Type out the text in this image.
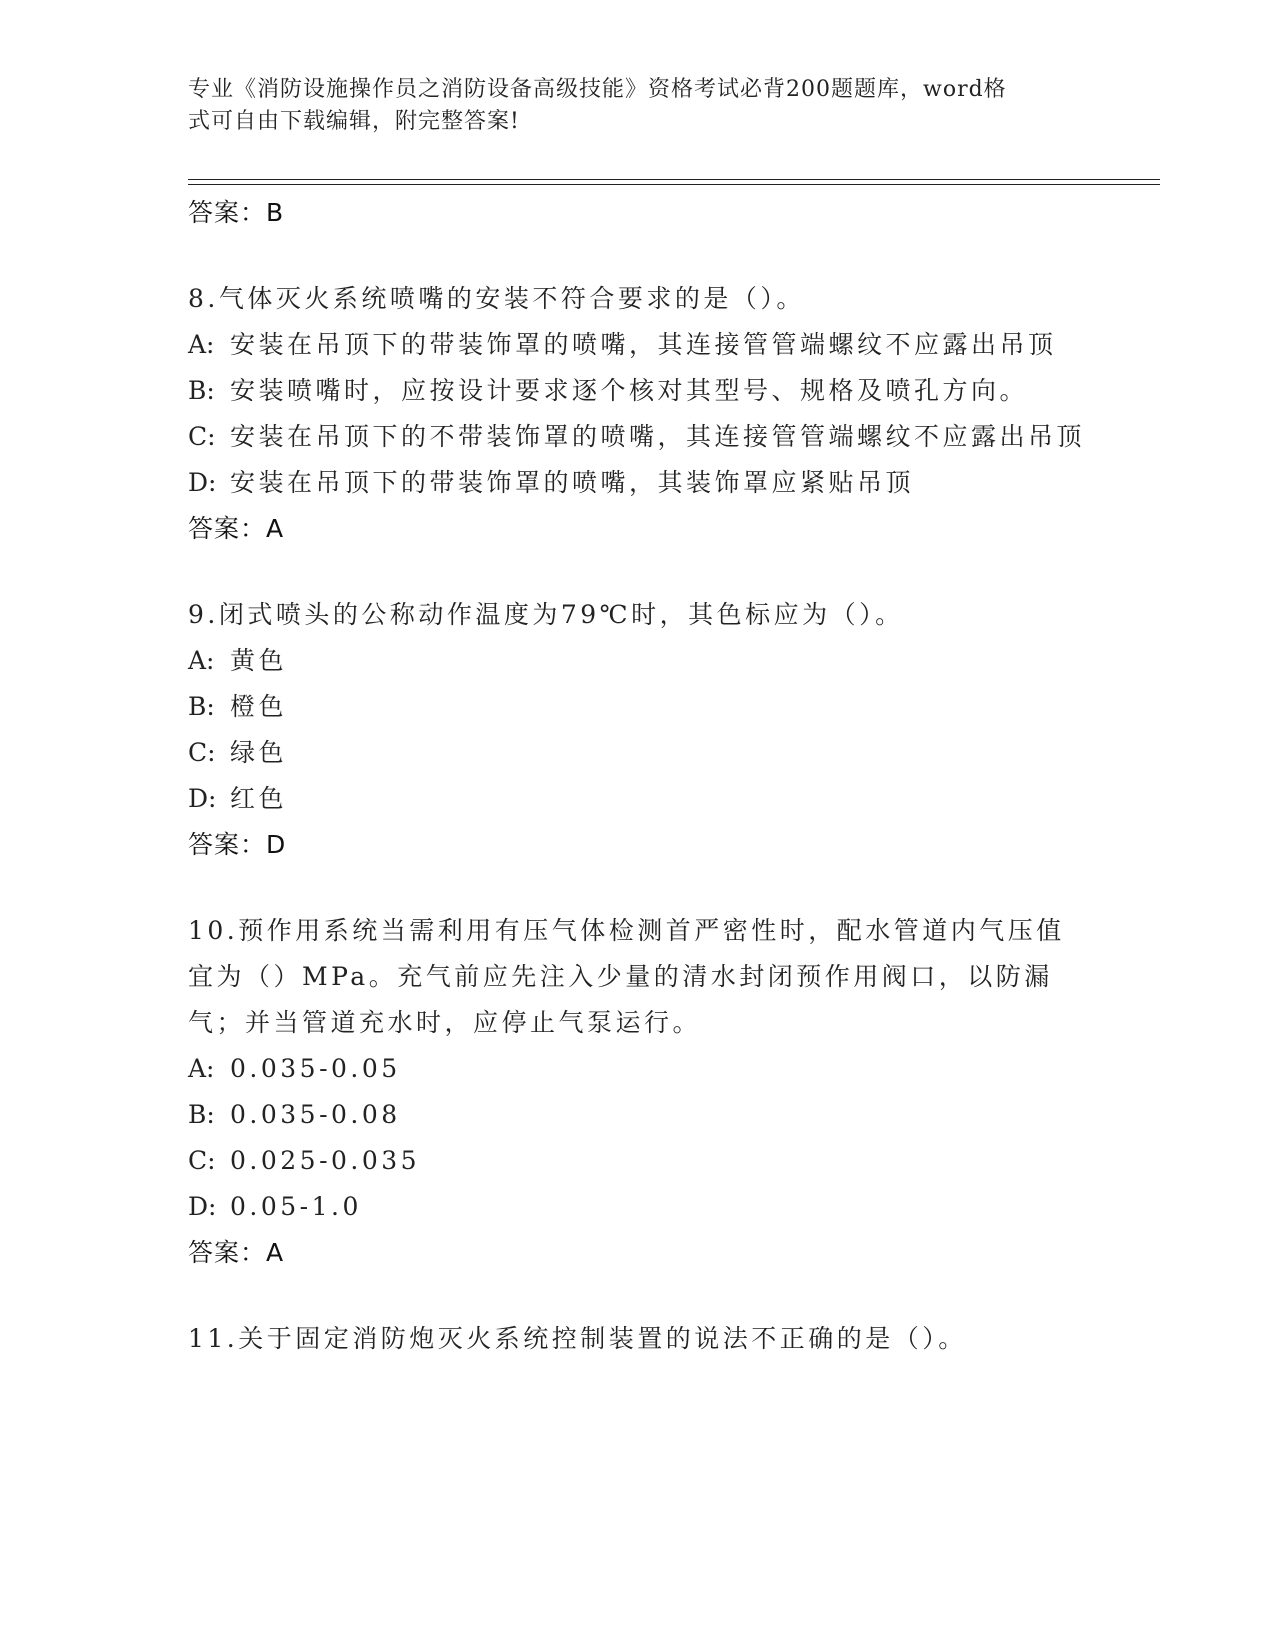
专业《消防设施操作员之消防设备高级技能》资格考试必背200题题库，word格
式可自由下载编辑，附完整答案!
答案：B
8.气体灭火系统喷嘴的安装不符合要求的是（）。
A: 安装在吊顶下的带装饰罩的喷嘴，其连接管管端螺纹不应露出吊顶
B: 安装喷嘴时，应按设计要求逐个核对其型号、规格及喷孔方向。
C: 安装在吊顶下的不带装饰罩的喷嘴，其连接管管端螺纹不应露出吊顶
D: 安装在吊顶下的带装饰罩的喷嘴，其装饰罩应紧贴吊顶
答案：A
9.闭式喷头的公称动作温度为79℃时，其色标应为（）。
A: 黄色
B: 橙色
C: 绿色
D: 红色
答案：D
10.预作用系统当需利用有压气体检测首严密性时，配水管道内气压值宜为（）MPa。充气前应先注入少量的清水封闭预作用阀口，以防漏气；并当管道充水时，应停止气泵运行。
A: 0.035-0.05
B: 0.035-0.08
C: 0.025-0.035
D: 0.05-1.0
答案：A
11.关于固定消防炮灭火系统控制装置的说法不正确的是（）。
